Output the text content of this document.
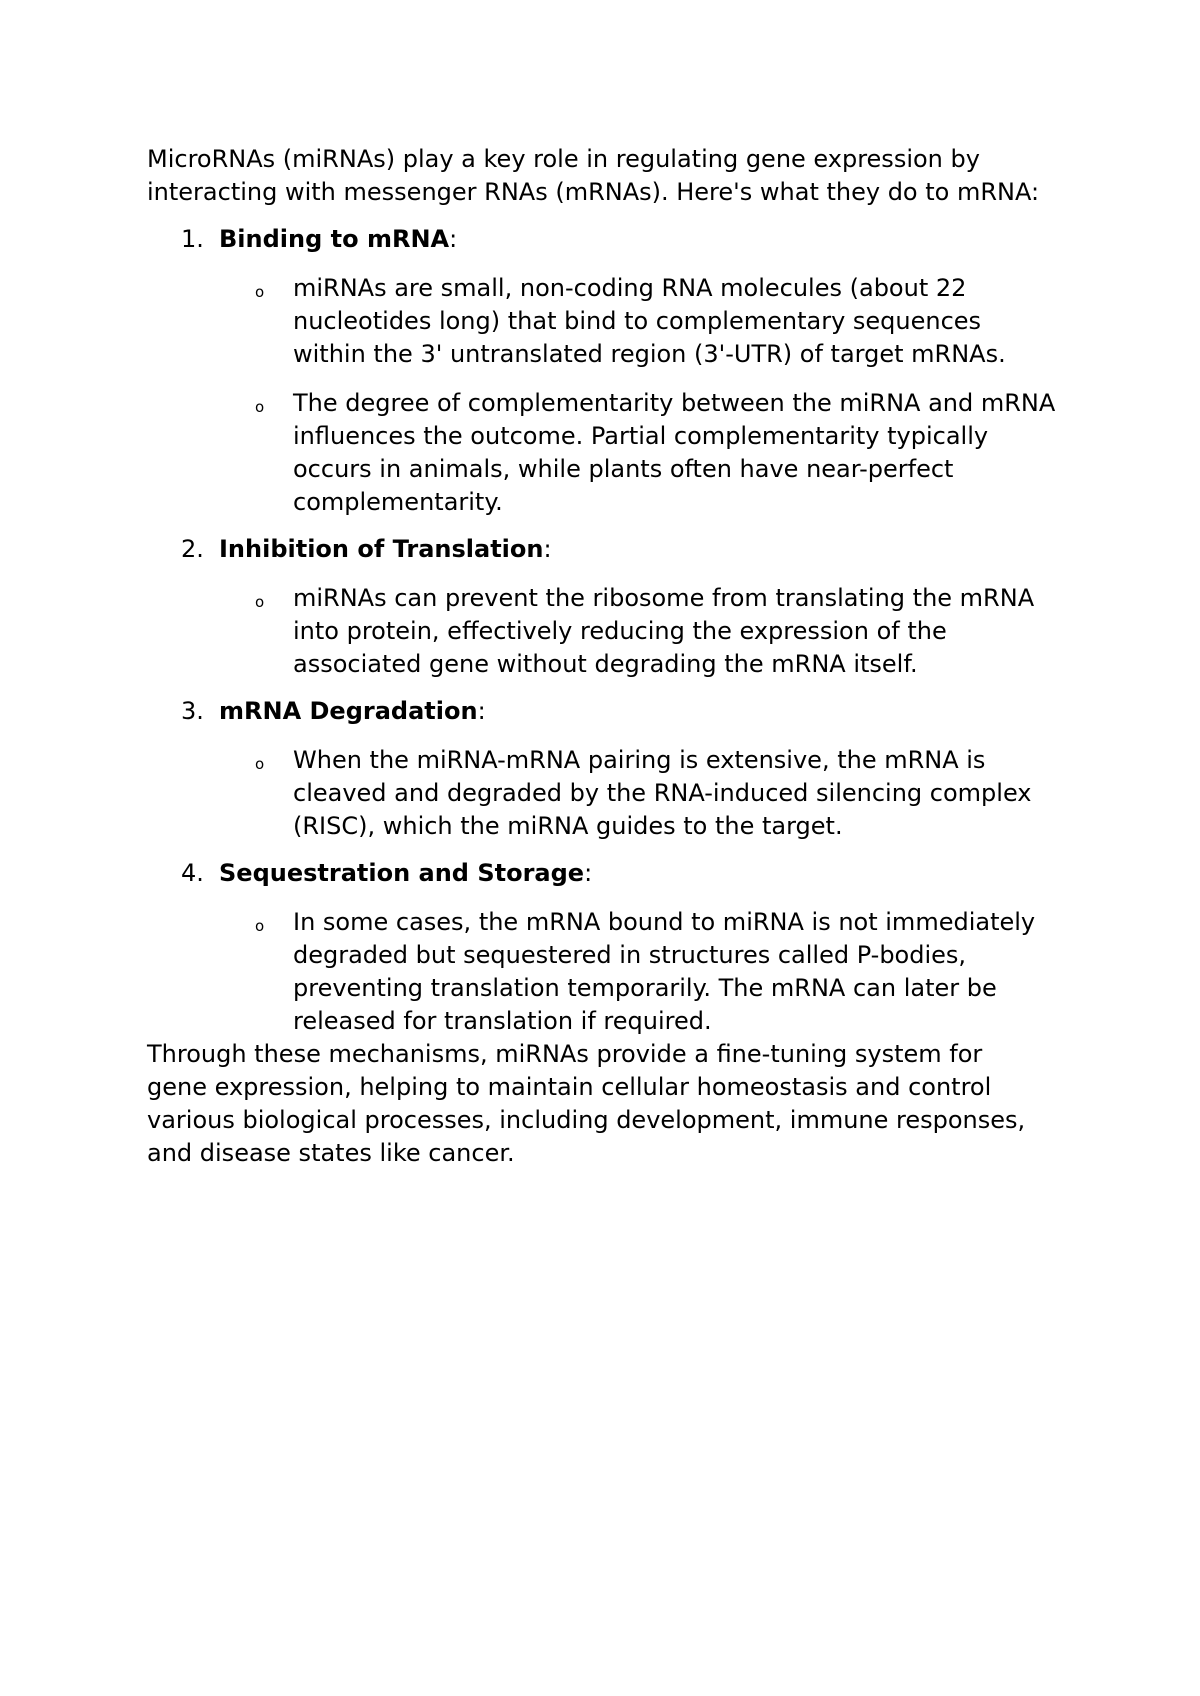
MicroRNAs (miRNAs) play a key role in regulating gene expression by
interacting with messenger RNAs (mRNAs). Here's what they do to mRNA:

1. Binding to mRNA:
o miRNAs are small, non-coding RNA molecules (about 22 nucleotides long) that bind to complementary sequences within the 3' untranslated region (3'-UTR) of target mRNAs.
o The degree of complementarity between the miRNA and mRNA influences the outcome. Partial complementarity typically occurs in animals, while plants often have near-perfect complementarity.
2. Inhibition of Translation:
o miRNAs can prevent the ribosome from translating the mRNA into protein, effectively reducing the expression of the associated gene without degrading the mRNA itself.
3. mRNA Degradation:
o When the miRNA-mRNA pairing is extensive, the mRNA is cleaved and degraded by the RNA-induced silencing complex (RISC), which the miRNA guides to the target.
4. Sequestration and Storage:
o In some cases, the mRNA bound to miRNA is not immediately degraded but sequestered in structures called P-bodies, preventing translation temporarily. The mRNA can later be released for translation if required.

Through these mechanisms, miRNAs provide a fine-tuning system for
gene expression, helping to maintain cellular homeostasis and control
various biological processes, including development, immune responses,
and disease states like cancer.
